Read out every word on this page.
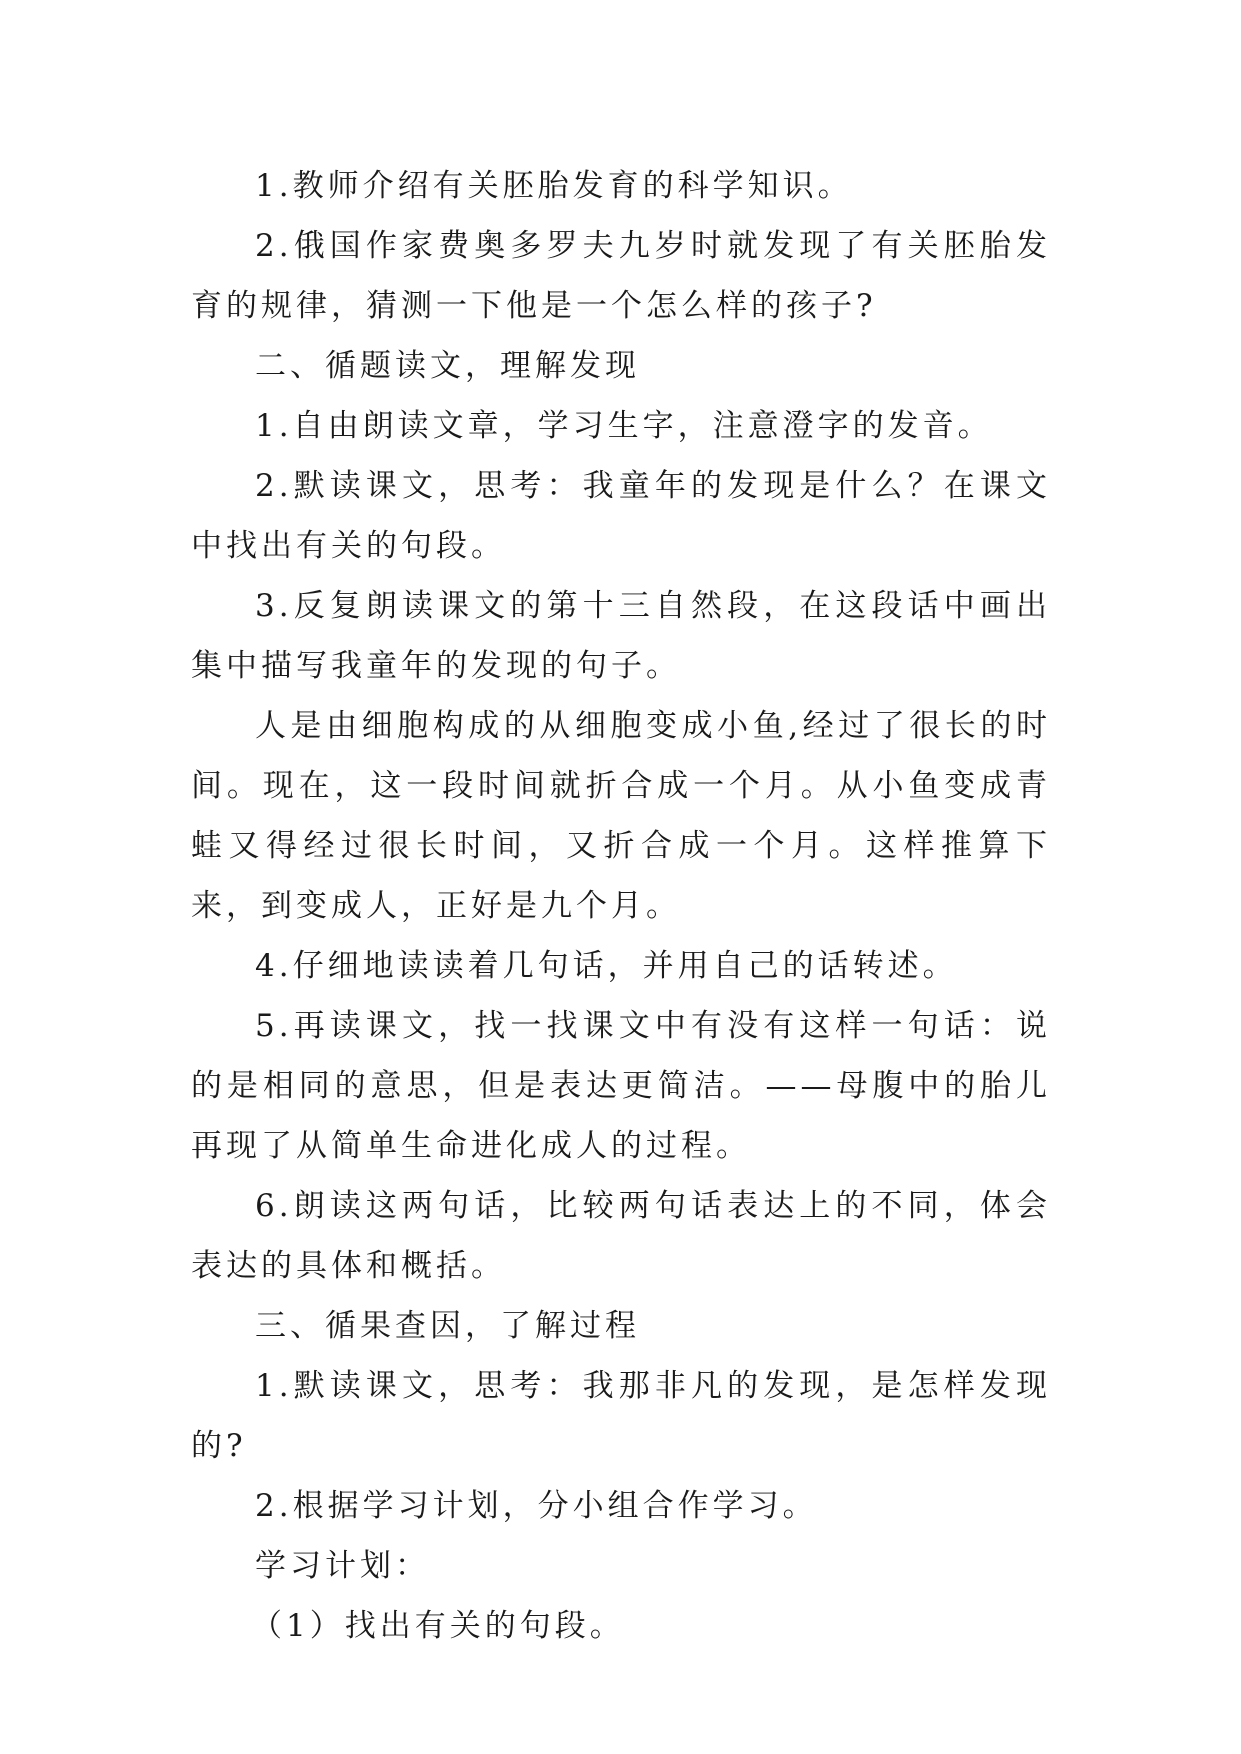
1.教师介绍有关胚胎发育的科学知识。

2.俄国作家费奥多罗夫九岁时就发现了有关胚胎发育的规律，猜测一下他是一个怎么样的孩子?

二、循题读文，理解发现

1.自由朗读文章，学习生字，注意澄字的发音。

2.默读课文，思考：我童年的发现是什么？在课文中找出有关的句段。

3.反复朗读课文的第十三自然段，在这段话中画出集中描写我童年的发现的句子。

人是由细胞构成的从细胞变成小鱼,经过了很长的时间。现在，这一段时间就折合成一个月。从小鱼变成青蛙又得经过很长时间，又折合成一个月。这样推算下来，到变成人，正好是九个月。

4.仔细地读读着几句话，并用自己的话转述。

5.再读课文，找一找课文中有没有这样一句话：说的是相同的意思，但是表达更简洁。——母腹中的胎儿再现了从简单生命进化成人的过程。

6.朗读这两句话，比较两句话表达上的不同，体会表达的具体和概括。

三、循果查因，了解过程

1.默读课文，思考：我那非凡的发现，是怎样发现的?

2.根据学习计划，分小组合作学习。

学习计划：

（1）找出有关的句段。
